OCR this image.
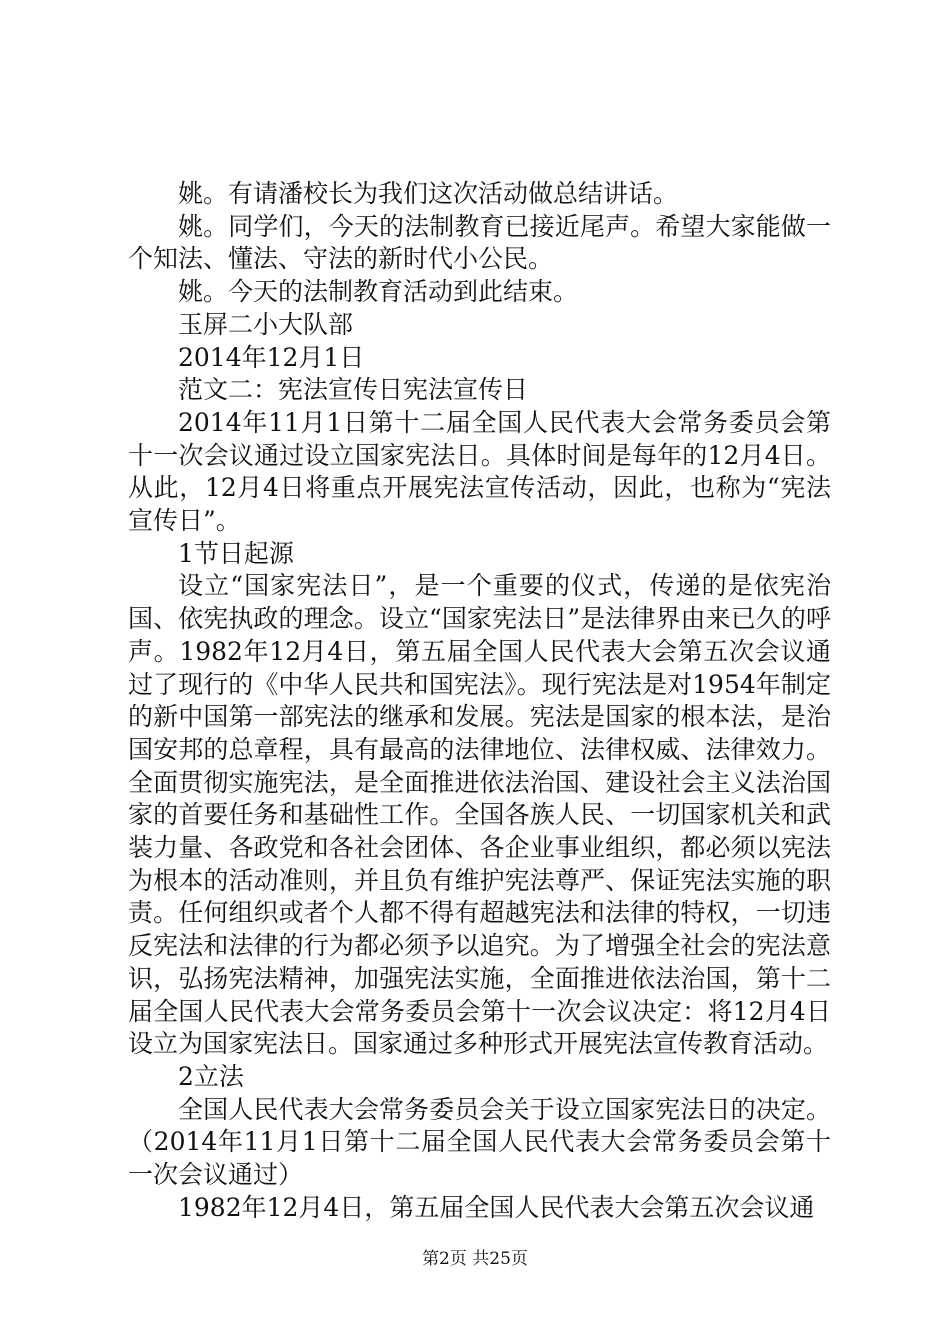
姚。有请潘校长为我们这次活动做总结讲话。

姚。同学们，今天的法制教育已接近尾声。希望大家能做一个知法、懂法、守法的新时代小公民。

姚。今天的法制教育活动到此结束。

玉屏二小大队部

2014年12月1日

范文二：宪法宣传日宪法宣传日

2014年11月1日第十二届全国人民代表大会常务委员会第十一次会议通过设立国家宪法日。具体时间是每年的12月4日。从此，12月4日将重点开展宪法宣传活动，因此，也称为“宪法宣传日”。

1节日起源

设立“国家宪法日”，是一个重要的仪式，传递的是依宪治国、依宪执政的理念。设立“国家宪法日”是法律界由来已久的呼声。1982年12月4日，第五届全国人民代表大会第五次会议通过了现行的《中华人民共和国宪法》。现行宪法是对1954年制定的新中国第一部宪法的继承和发展。宪法是国家的根本法，是治国安邦的总章程，具有最高的法律地位、法律权威、法律效力。全面贯彻实施宪法，是全面推进依法治国、建设社会主义法治国家的首要任务和基础性工作。全国各族人民、一切国家机关和武装力量、各政党和各社会团体、各企业事业组织，都必须以宪法为根本的活动准则，并且负有维护宪法尊严、保证宪法实施的职责。任何组织或者个人都不得有超越宪法和法律的特权，一切违反宪法和法律的行为都必须予以追究。为了增强全社会的宪法意识，弘扬宪法精神，加强宪法实施，全面推进依法治国，第十二届全国人民代表大会常务委员会第十一次会议决定：将12月4日设立为国家宪法日。国家通过多种形式开展宪法宣传教育活动。

2立法

全国人民代表大会常务委员会关于设立国家宪法日的决定。（2014年11月1日第十二届全国人民代表大会常务委员会第十一次会议通过）

1982年12月4日，第五届全国人民代表大会第五次会议通

第2页 共25页
